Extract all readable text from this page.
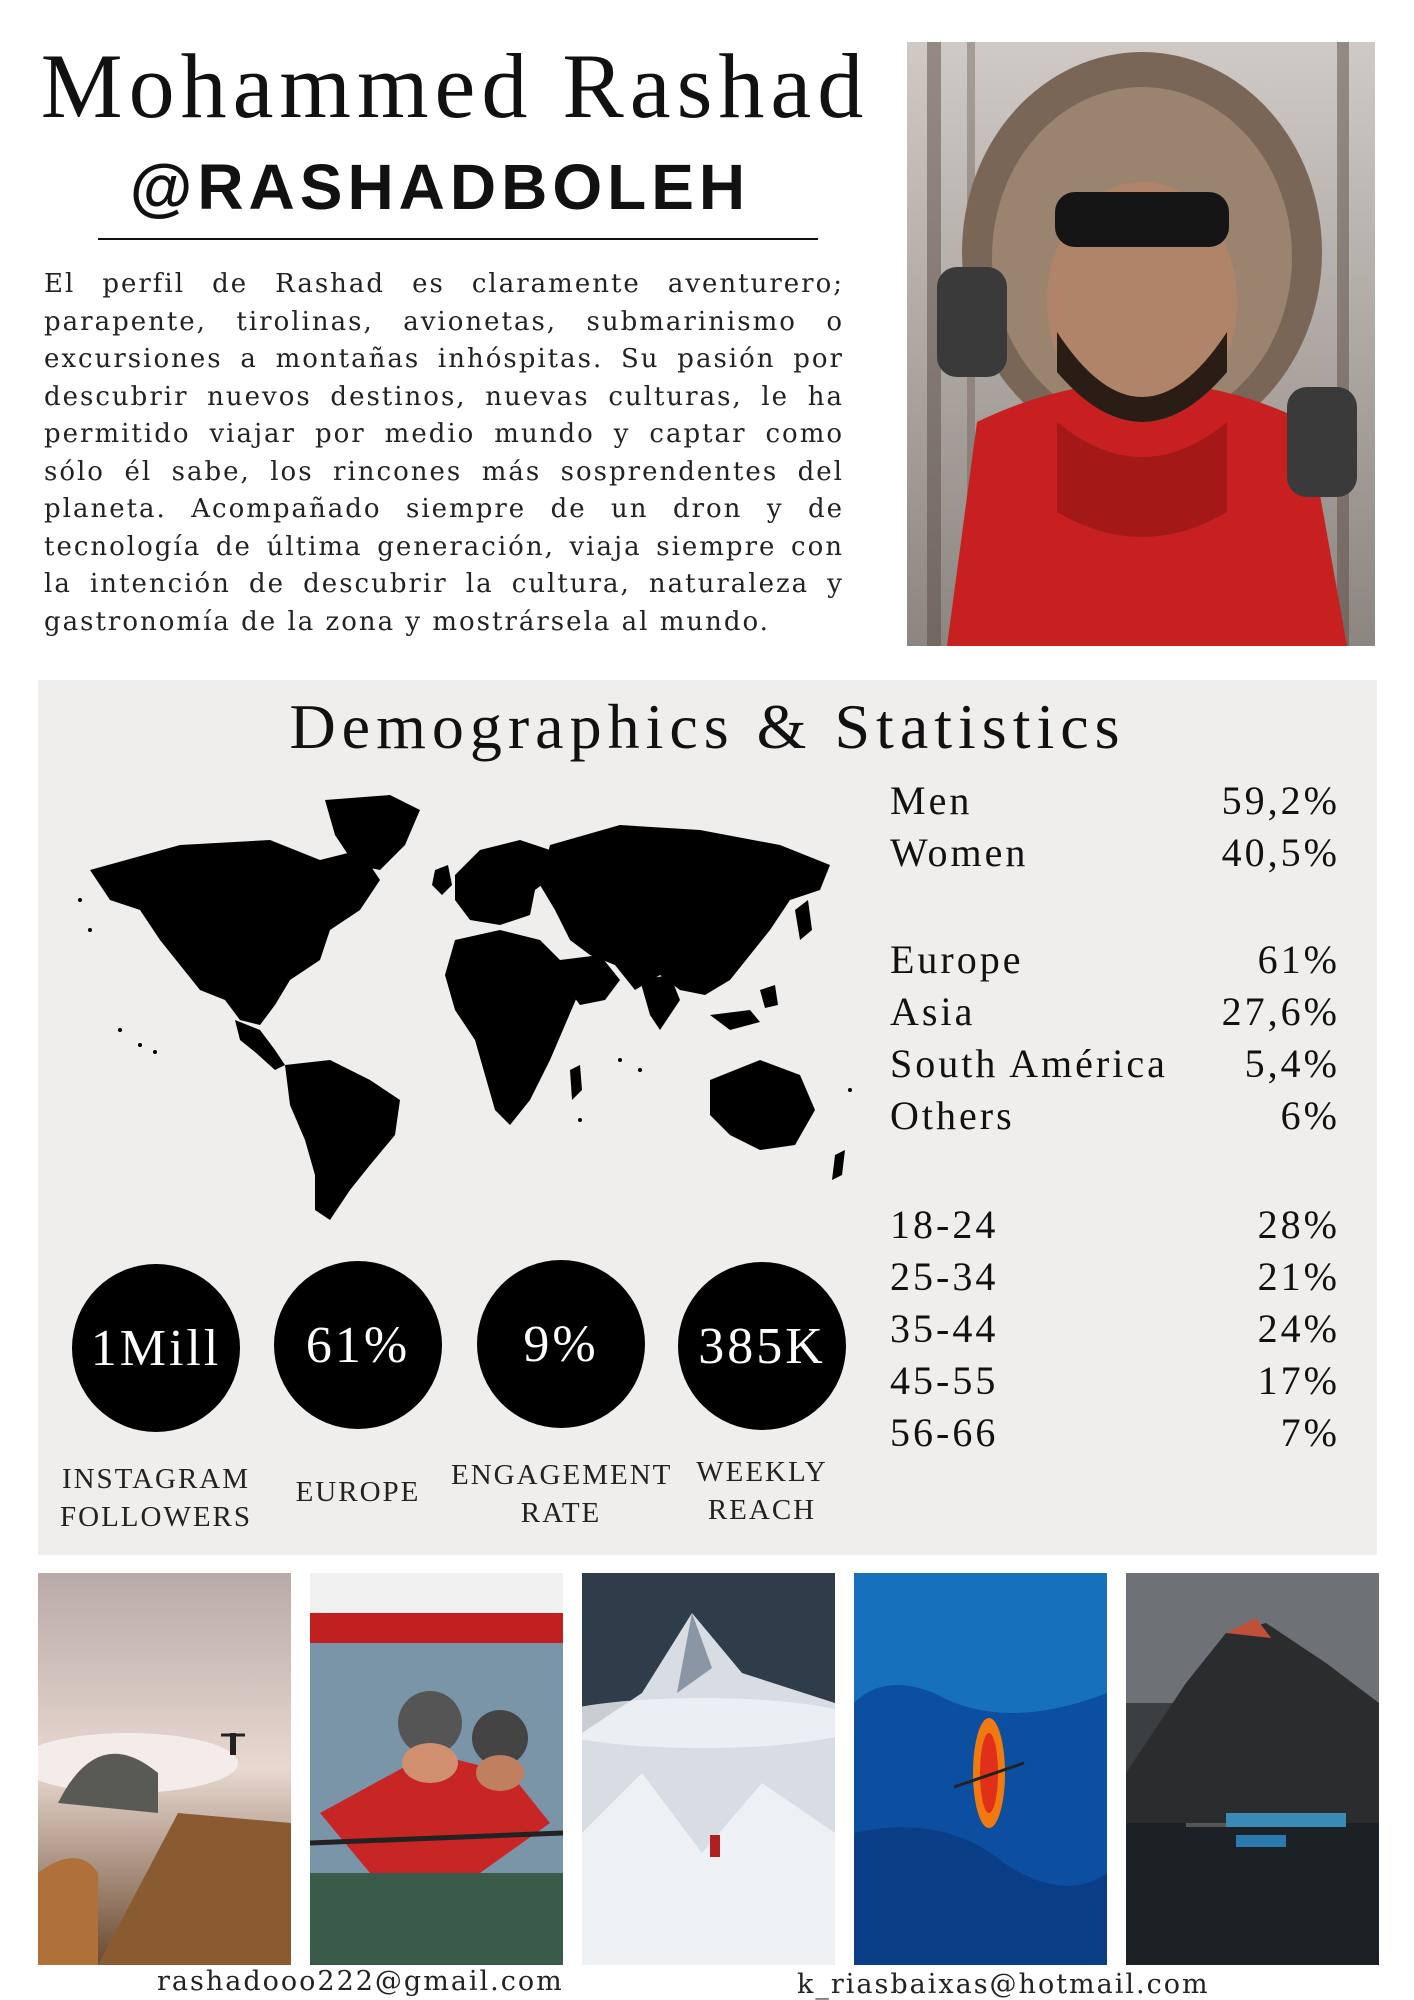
Mohammed Rashad
@RASHADBOLEH
El perfil de Rashad es claramente aventurero; parapente, tirolinas, avionetas, submarinismo o excursiones a montañas inhóspitas. Su pasión por descubrir nuevos destinos, nuevas culturas, le ha permitido viajar por medio mundo y captar como sólo él sabe, los rincones más sosprendentes del planeta. Acompañado siempre de un dron y de tecnología de última generación, viaja siempre con la intención de descubrir la cultura, naturaleza y gastronomía de la zona y mostrársela al mundo.
Demographics & Statistics
Men	59,2%
Women	40,5%
Europe	61%
Asia	27,6%
South América 5,4%
Others	6%
18-24	28%
25-34	21%
35-44	24%
45-55	17%
56-66	7%
1Mill	61%	9%	385K
INSTAGRAM
FOLLOWERS
EUROPE
ENGAGEMENT
RATE
WEEKLY
REACH
rashadooo222@gmail.com	k_riasbaixas@hotmail.com
